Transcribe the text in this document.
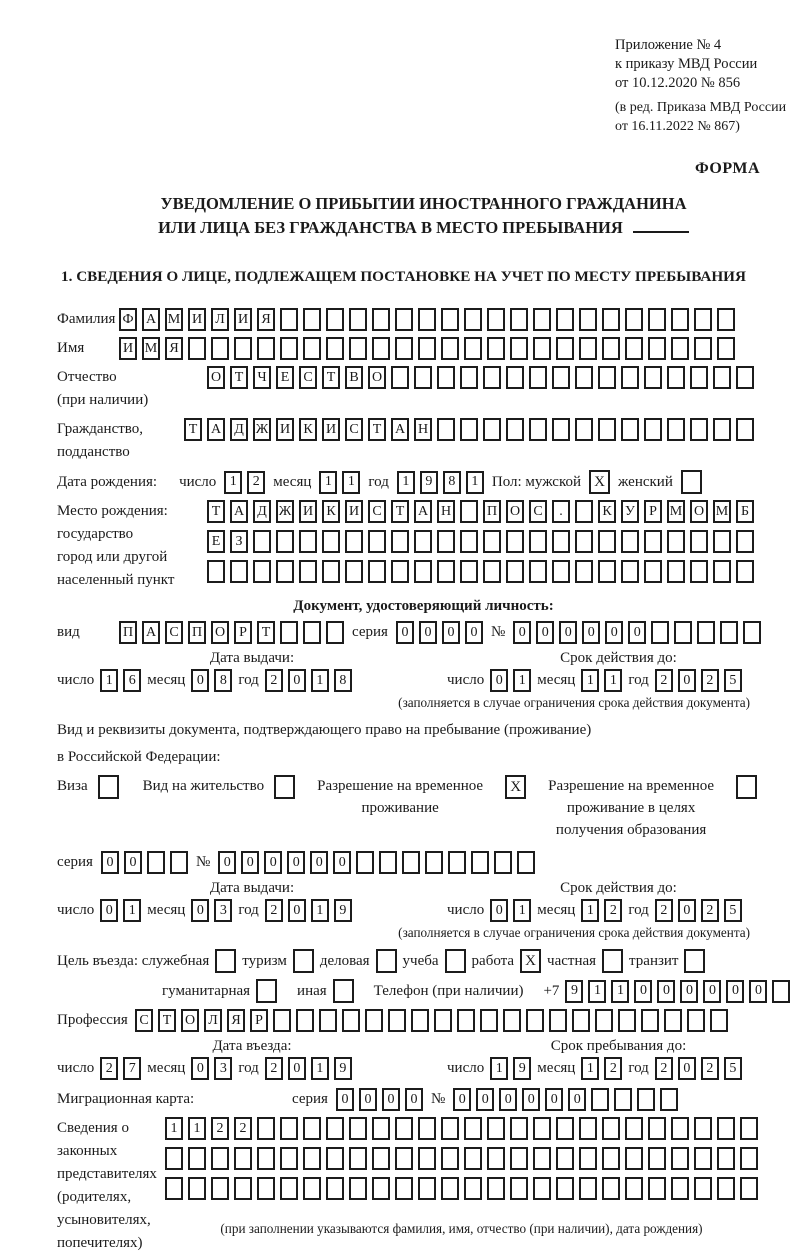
Приложение № 4
к приказу МВД России
от 10.12.2020 № 856
(в ред. Приказа МВД России
от 16.11.2022 № 867)
ФОРМА
УВЕДОМЛЕНИЕ О ПРИБЫТИИ ИНОСТРАННОГО ГРАЖДАНИНА
ИЛИ ЛИЦА БЕЗ ГРАЖДАНСТВА В МЕСТО ПРЕБЫВАНИЯ
1. СВЕДЕНИЯ О ЛИЦЕ, ПОДЛЕЖАЩЕМ ПОСТАНОВКЕ НА УЧЕТ ПО МЕСТУ ПРЕБЫВАНИЯ
Фамилия Ф А М И Л И Я
Имя	И М Я
Отчество
(при наличии)
О Т	Ч	Е	С	Т	В О
Гражданство,
подданство
Т А Д Ж И К И С	Т А Н
Дата рождения: число 1	2 месяц 1	1 год 1	9	8	1 Пол: мужской X женский
Место рождения:
государство
город или другой
населенный пункт
Т А Д Ж И К И С	Т А Н	П О С	.	К У	Р М О М Б
Е	З
Документ, удостоверяющий личность:
вид	П А С П О	Р	Т	серия 0	0	0	0 № 0	0	0	0	0	0
Дата выдачи:	Срок действия до:
число 1	6 месяц 0	8 год 2	0	1	8	число 0	1 месяц 1	1 год 2	0	2	5
(заполняется в случае ограничения срока действия документа)
Вид и реквизиты документа, подтверждающего право на пребывание (проживание)
в Российской Федерации:
Виза	Вид на жительство	Разрешение на временное
проживание
X	Разрешение на временное
проживание в целях
получения образования
серия 0	0	№ 0	0	0	0	0	0
Дата выдачи:	Срок действия до:
число 0	1 месяц 0	3 год 2	0	1	9	число 0	1 месяц 1	2 год 2	0	2	5
(заполняется в случае ограничения срока действия документа)
Цель въезда: служебная туризм деловая учеба работа X частная транзит
гуманитарная	иная	Телефон (при наличии) +7 9	1	1	0	0	0	0	0	0
Профессия С	Т О Л Я	Р
Дата въезда:	Срок пребывания до:
число 2	7 месяц 0	3 год 2	0	1	9	число 1	9 месяц 1	2 год 2	0	2	5
Миграционная карта:	серия 0	0	0	0 № 0	0	0	0	0	0
Сведения о
законных
представителях
(родителях,
усыновителях,
попечителях)
1	1	2	2
(при заполнении указываются фамилия, имя, отчество (при наличии), дата рождения)
